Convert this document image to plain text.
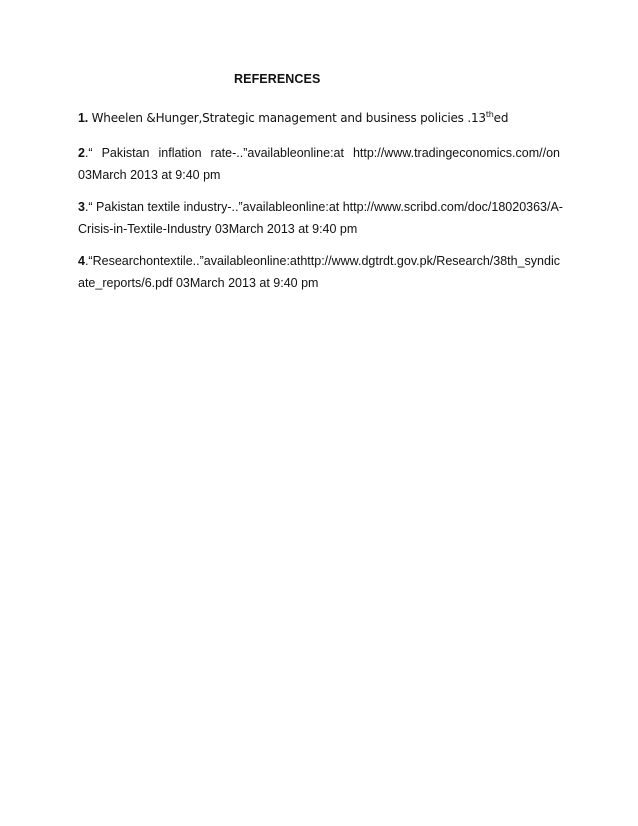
REFERENCES
1. Wheelen &Hunger,Strategic management and business policies .13thed
2.“ Pakistan inflation rate-..”availableonline:at http://www.tradingeconomics.com//on
03March 2013 at 9:40 pm
3.“ Pakistan textile industry-..”availableonline:at http://www.scribd.com/doc/18020363/A-
Crisis-in-Textile-Industry 03March 2013 at 9:40 pm
4.“Researchontextile..”availableonline:athttp://www.dgtrdt.gov.pk/Research/38th_syndic
ate_reports/6.pdf 03March 2013 at 9:40 pm
